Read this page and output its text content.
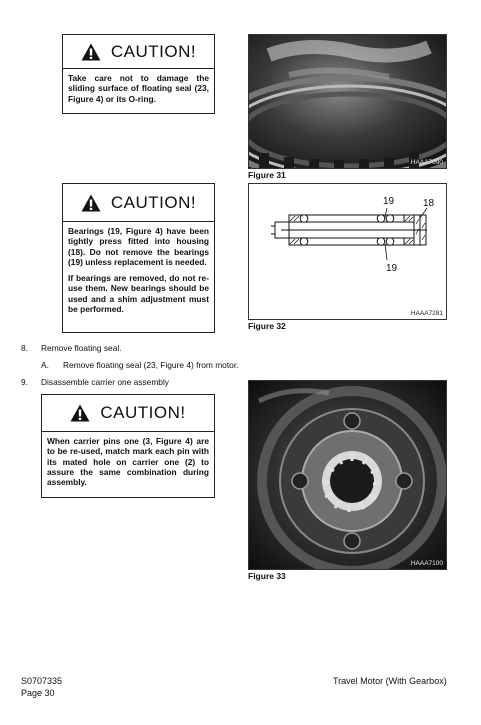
CAUTION!

Take care not to damage the sliding surface of floating seal (23, Figure 4) or its O-ring.

HAAA7090
Figure 31
CAUTION!

Bearings (19, Figure 4) have been tightly press fitted into housing (18). Do not remove the bearings (19) unless replacement is needed.

If bearings are removed, do not re-use them. New bearings should be used and a shim adjustment must be performed.

19	18
19
HAAA7281
Figure 32
8. Remove floating seal.
A. Remove floating seal (23, Figure 4) from motor.
9. Disassemble carrier one assembly
CAUTION!

When carrier pins one (3, Figure 4) are to be re-used, match mark each pin with its mated hole on carrier one (2) to assure the same combination during assembly.

HAAA7100
Figure 33
S0707335
Page 30
Travel Motor (With Gearbox)
